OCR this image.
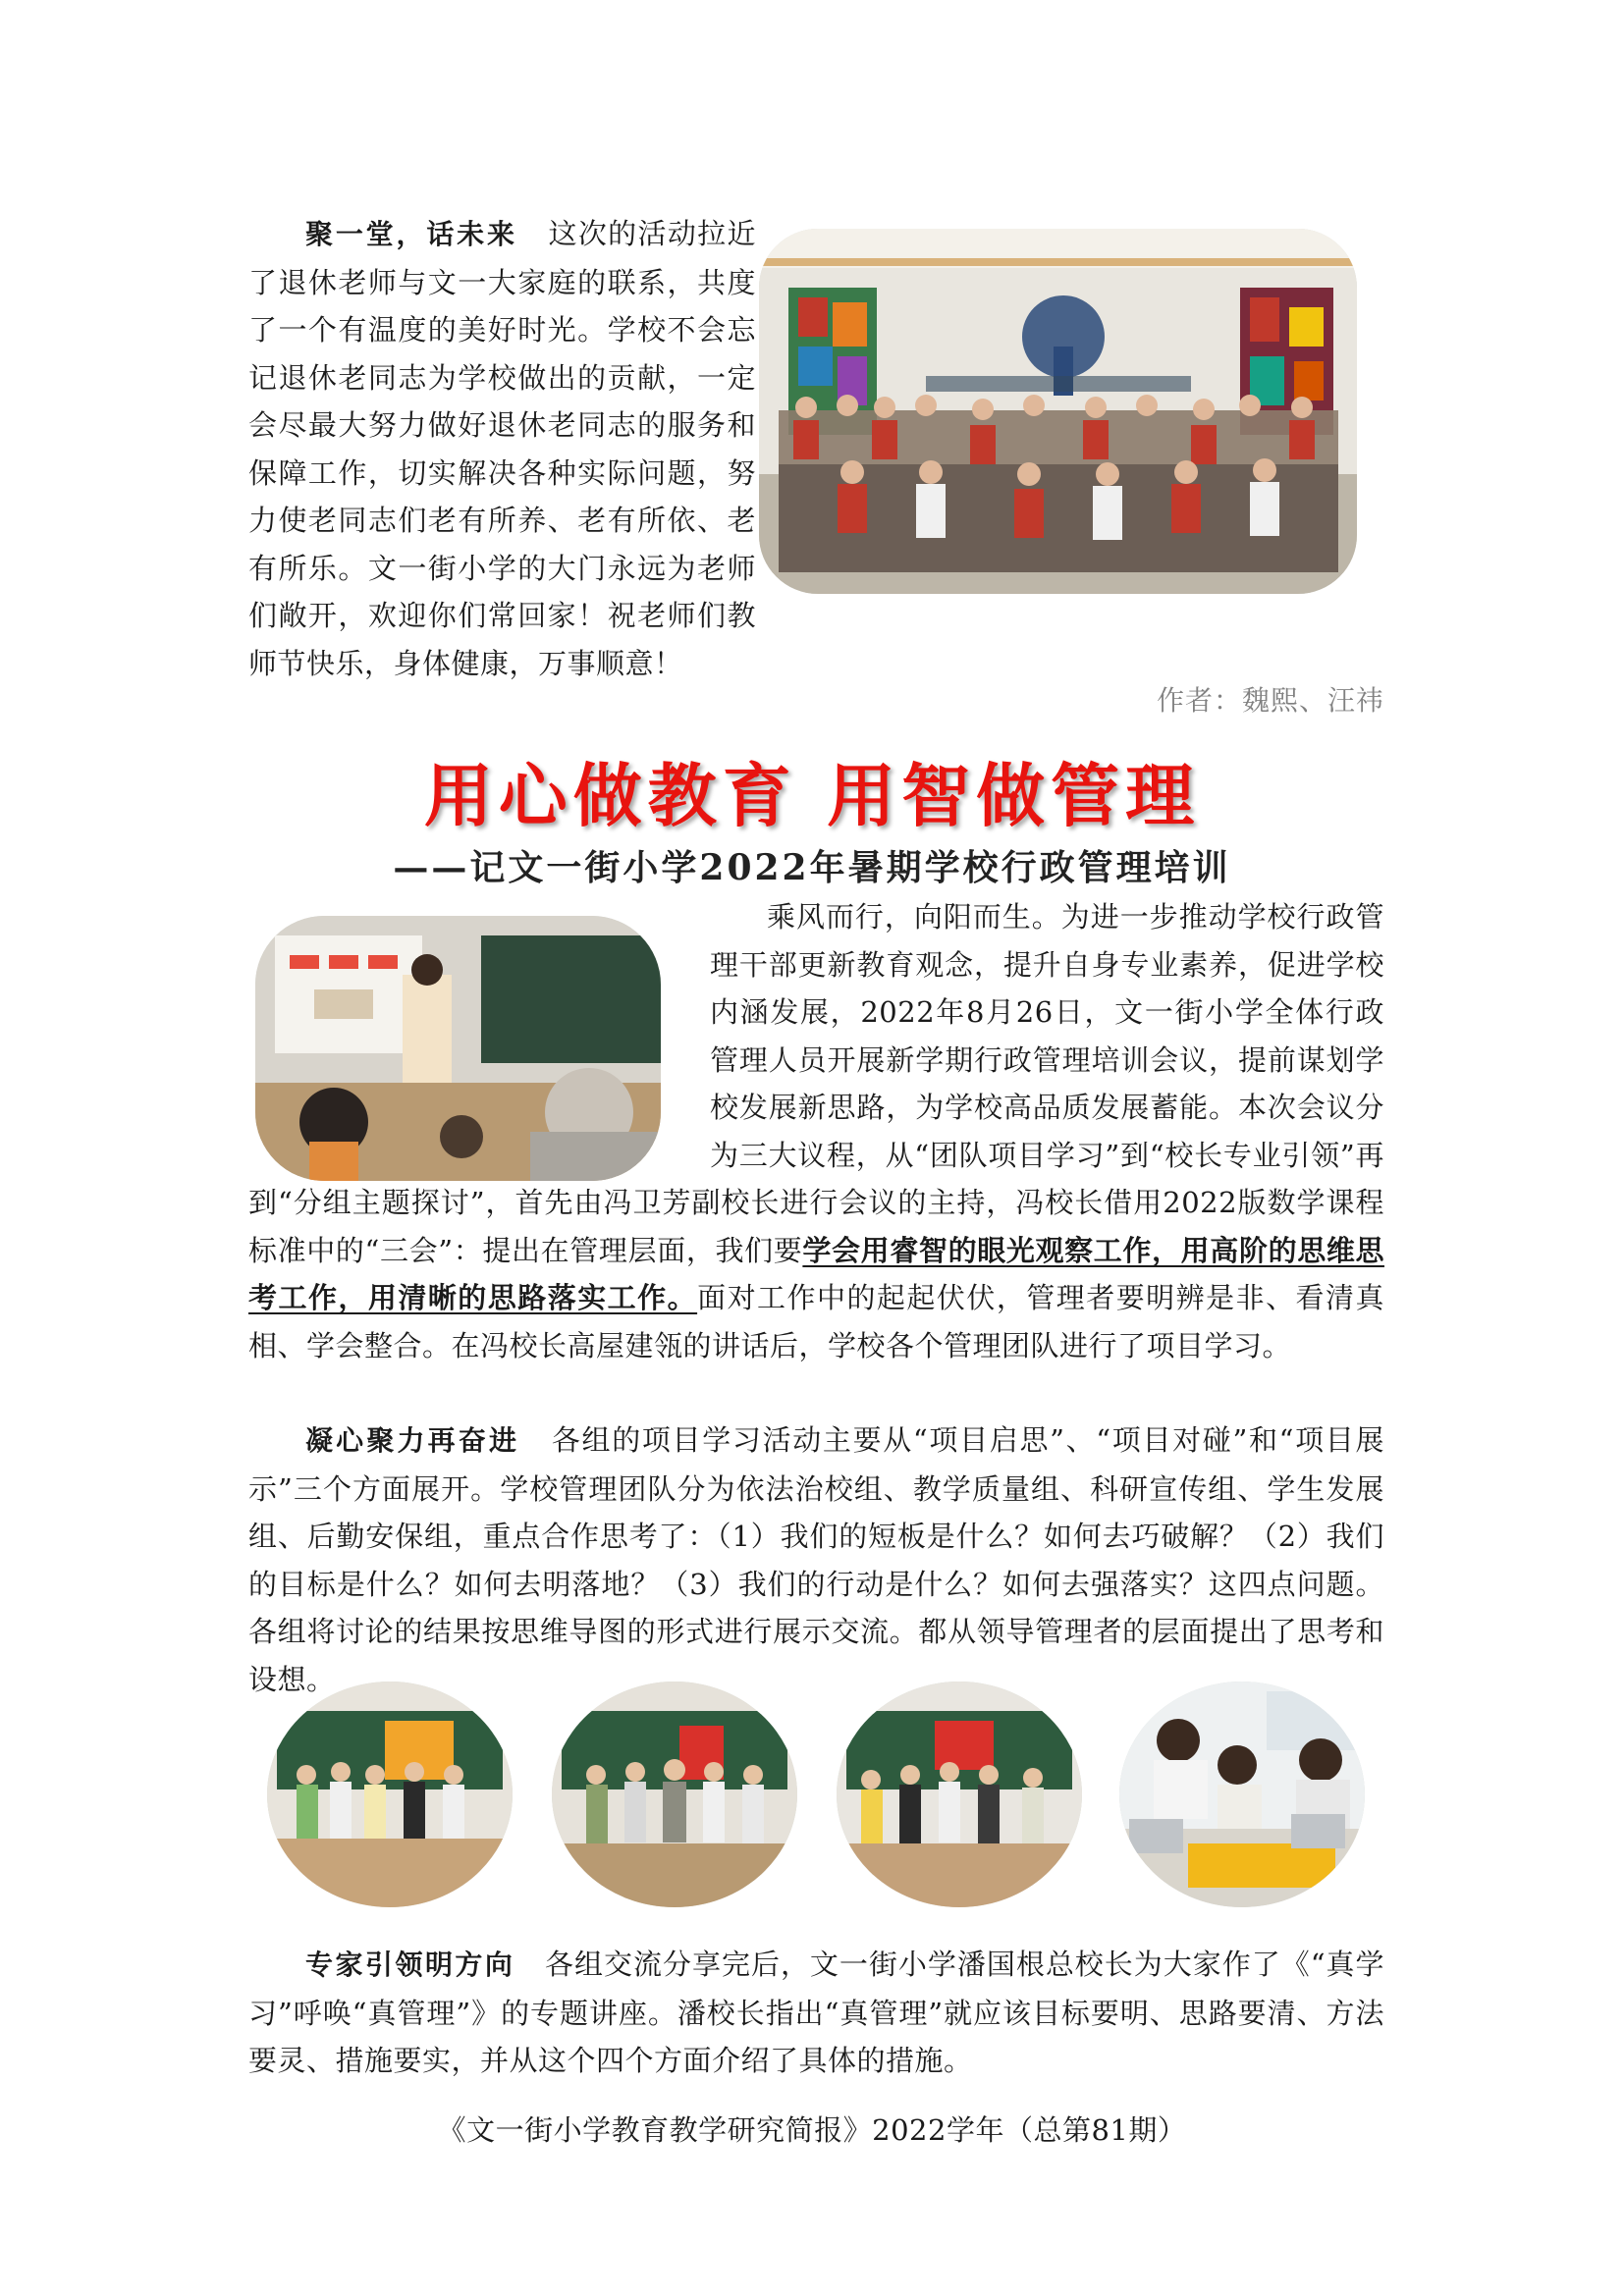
聚一堂，话未来 这次的活动拉近了退休老师与文一大家庭的联系，共度了一个有温度的美好时光。学校不会忘记退休老同志为学校做出的贡献，一定会尽最大努力做好退休老同志的服务和保障工作，切实解决各种实际问题，努力使老同志们老有所养、老有所依、老有所乐。文一街小学的大门永远为老师们敞开，欢迎你们常回家！祝老师们教师节快乐，身体健康，万事顺意！

作者：魏熙、汪祎
用心做教育 用智做管理
——记文一街小学2022年暑期学校行政管理培训

乘风而行，向阳而生。为进一步推动学校行政管理干部更新教育观念，提升自身专业素养，促进学校内涵发展，2022年8月26日，文一街小学全体行政管理人员开展新学期行政管理培训会议，提前谋划学校发展新思路，为学校高品质发展蓄能。本次会议分为三大议程，从“团队项目学习”到“校长专业引领”再到“分组主题探讨”，首先由冯卫芳副校长进行会议的主持，冯校长借用2022版数学课程标准中的“三会”：提出在管理层面，我们要学会用睿智的眼光观察工作，用高阶的思维思考工作，用清晰的思路落实工作。面对工作中的起起伏伏，管理者要明辨是非、看清真相、学会整合。在冯校长高屋建瓴的讲话后，学校各个管理团队进行了项目学习。

凝心聚力再奋进 各组的项目学习活动主要从“项目启思”、“项目对碰”和“项目展示”三个方面展开。学校管理团队分为依法治校组、教学质量组、科研宣传组、学生发展组、后勤安保组，重点合作思考了：（1）我们的短板是什么？如何去巧破解？（2）我们的目标是什么？如何去明落地？（3）我们的行动是什么？如何去强落实？这四点问题。各组将讨论的结果按思维导图的形式进行展示交流。都从领导管理者的层面提出了思考和设想。

专家引领明方向 各组交流分享完后，文一街小学潘国根总校长为大家作了《“真学习”呼唤“真管理”》的专题讲座。潘校长指出“真管理”就应该目标要明、思路要清、方法要灵、措施要实，并从这个四个方面介绍了具体的措施。

《文一街小学教育教学研究简报》2022学年（总第81期）
